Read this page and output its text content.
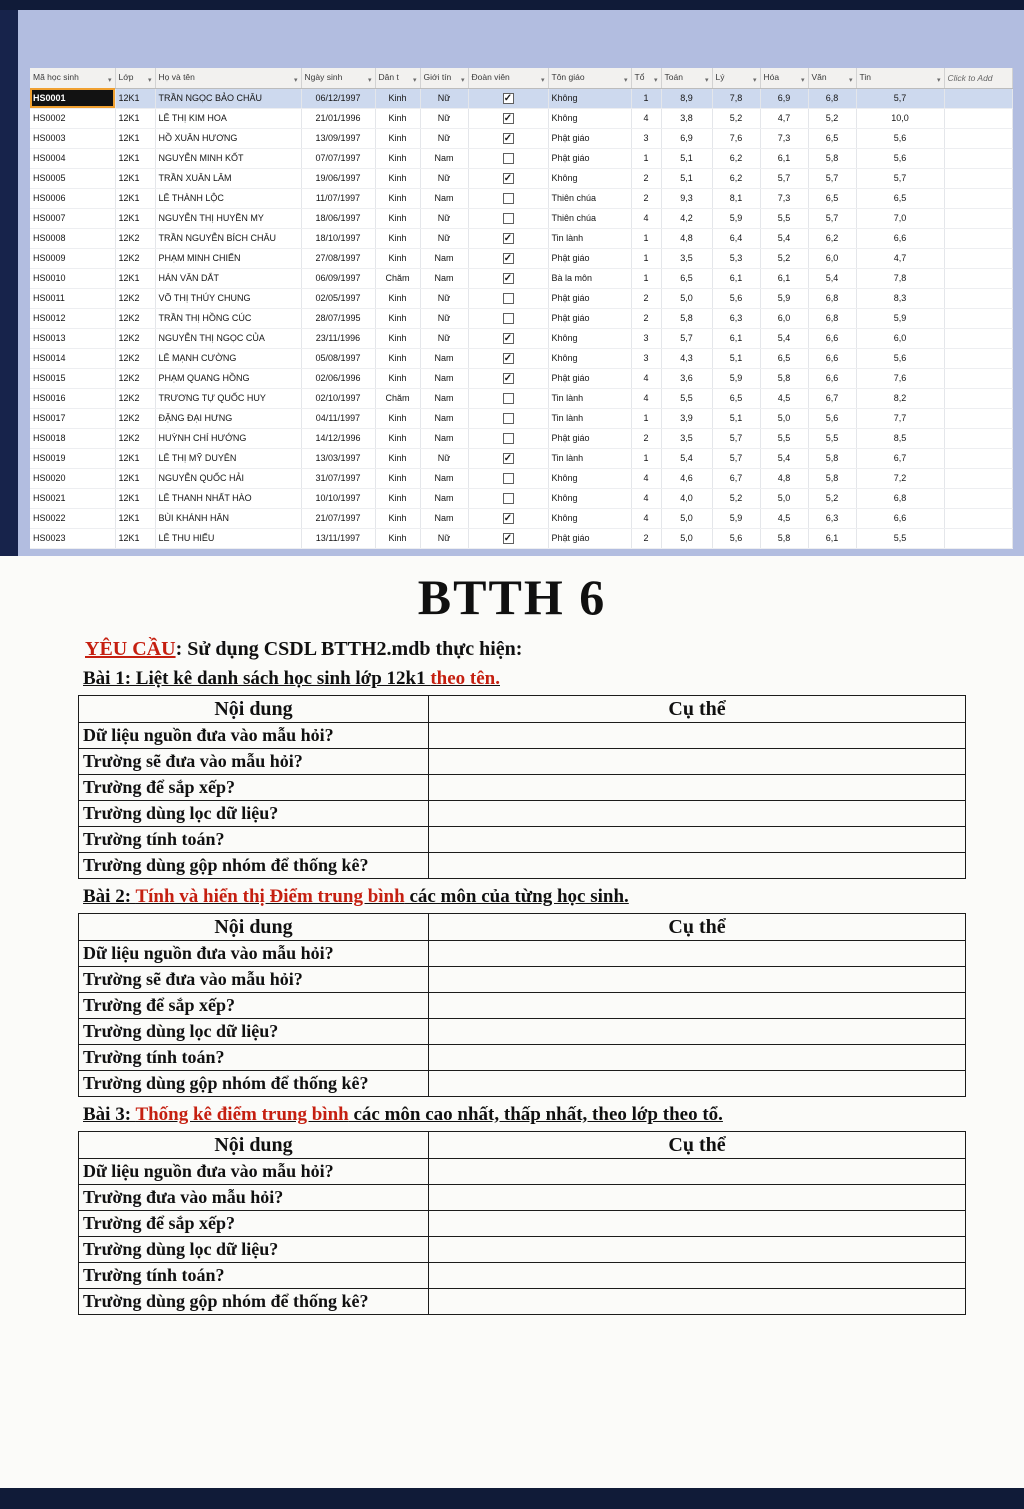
Mã học sinh ▾	Lớp ▾	Họ và tên ▾	Ngày sinh ▾	Dân t ▾	Giới tín ▾	Đoàn viên ▾	Tôn giáo ▾	Tổ ▾	Toán ▾	Lý ▾	Hóa ▾	Văn ▾	Tin ▾	Click to Add
HS0001	12K1	TRẦN NGỌC BẢO CHÂU	06/12/1997	Kinh	Nữ	✓	Không	1	8,9	7,8	6,9	6,8	5,7	
HS0002	12K1	LÊ THỊ KIM HOA	21/01/1996	Kinh	Nữ	✓	Không	4	3,8	5,2	4,7	5,2	10,0	
HS0003	12K1	HỒ XUÂN HƯƠNG	13/09/1997	Kinh	Nữ	✓	Phật giáo	3	6,9	7,6	7,3	6,5	5,6	
HS0004	12K1	NGUYỄN MINH KỐT	07/07/1997	Kinh	Nam		Phật giáo	1	5,1	6,2	6,1	5,8	5,6	
HS0005	12K1	TRẦN XUÂN LÂM	19/06/1997	Kinh	Nữ	✓	Không	2	5,1	6,2	5,7	5,7	5,7	
HS0006	12K1	LÊ THÀNH LỘC	11/07/1997	Kinh	Nam		Thiên chúa	2	9,3	8,1	7,3	6,5	6,5	
HS0007	12K1	NGUYỄN THỊ HUYỀN MY	18/06/1997	Kinh	Nữ		Thiên chúa	4	4,2	5,9	5,5	5,7	7,0	
HS0008	12K2	TRẦN NGUYỄN BÍCH CHÂU	18/10/1997	Kinh	Nữ	✓	Tin lành	1	4,8	6,4	5,4	6,2	6,6	
HS0009	12K2	PHẠM MINH CHIẾN	27/08/1997	Kinh	Nam	✓	Phật giáo	1	3,5	5,3	5,2	6,0	4,7	
HS0010	12K1	HÁN VĂN DẮT	06/09/1997	Chăm	Nam	✓	Bà la môn	1	6,5	6,1	6,1	5,4	7,8	
HS0011	12K2	VÕ THỊ THÚY CHUNG	02/05/1997	Kinh	Nữ		Phật giáo	2	5,0	5,6	5,9	6,8	8,3	
HS0012	12K2	TRẦN THỊ HỒNG CÚC	28/07/1995	Kinh	Nữ		Phật giáo	2	5,8	6,3	6,0	6,8	5,9	
HS0013	12K2	NGUYỄN THỊ NGỌC CỦA	23/11/1996	Kinh	Nữ	✓	Không	3	5,7	6,1	5,4	6,6	6,0	
HS0014	12K2	LÊ MẠNH CƯỜNG	05/08/1997	Kinh	Nam	✓	Không	3	4,3	5,1	6,5	6,6	5,6	
HS0015	12K2	PHẠM QUANG HỒNG	02/06/1996	Kinh	Nam	✓	Phật giáo	4	3,6	5,9	5,8	6,6	7,6	
HS0016	12K2	TRƯƠNG TỰ QUỐC HUY	02/10/1997	Chăm	Nam		Tin lành	4	5,5	6,5	4,5	6,7	8,2	
HS0017	12K2	ĐẶNG ĐẠI HƯNG	04/11/1997	Kinh	Nam		Tin lành	1	3,9	5,1	5,0	5,6	7,7	
HS0018	12K2	HUỲNH CHÍ HƯỚNG	14/12/1996	Kinh	Nam		Phật giáo	2	3,5	5,7	5,5	5,5	8,5	
HS0019	12K1	LÊ THỊ MỸ DUYÊN	13/03/1997	Kinh	Nữ	✓	Tin lành	1	5,4	5,7	5,4	5,8	6,7	
HS0020	12K1	NGUYỄN QUỐC HẢI	31/07/1997	Kinh	Nam		Không	4	4,6	6,7	4,8	5,8	7,2	
HS0021	12K1	LÊ THANH NHẤT HÀO	10/10/1997	Kinh	Nam		Không	4	4,0	5,2	5,0	5,2	6,8	
HS0022	12K1	BÙI KHÁNH HÂN	21/07/1997	Kinh	Nam	✓	Không	4	5,0	5,9	4,5	6,3	6,6	
HS0023	12K1	LÊ THU HIẾU	13/11/1997	Kinh	Nữ	✓	Phật giáo	2	5,0	5,6	5,8	6,1	5,5	
BTTH 6
YÊU CẦU: Sử dụng CSDL BTTH2.mdb thực hiện:
Bài 1: Liệt kê danh sách học sinh lớp 12k1 theo tên.
Nội dung	Cụ thể
Dữ liệu nguồn đưa vào mẫu hỏi?	
Trường sẽ đưa vào mẫu hỏi?	
Trường để sắp xếp?	
Trường dùng lọc dữ liệu?	
Trường tính toán?	
Trường dùng gộp nhóm để thống kê?	
Bài 2: Tính và hiển thị Điểm trung bình các môn của từng học sinh.
Nội dung	Cụ thể
Dữ liệu nguồn đưa vào mẫu hỏi?	
Trường sẽ đưa vào mẫu hỏi?	
Trường để sắp xếp?	
Trường dùng lọc dữ liệu?	
Trường tính toán?	
Trường dùng gộp nhóm để thống kê?	
Bài 3: Thống kê điểm trung bình các môn cao nhất, thấp nhất, theo lớp theo tổ.
Nội dung	Cụ thể
Dữ liệu nguồn đưa vào mẫu hỏi?	
Trường đưa vào mẫu hỏi?	
Trường để sắp xếp?	
Trường dùng lọc dữ liệu?	
Trường tính toán?	
Trường dùng gộp nhóm để thống kê?	
